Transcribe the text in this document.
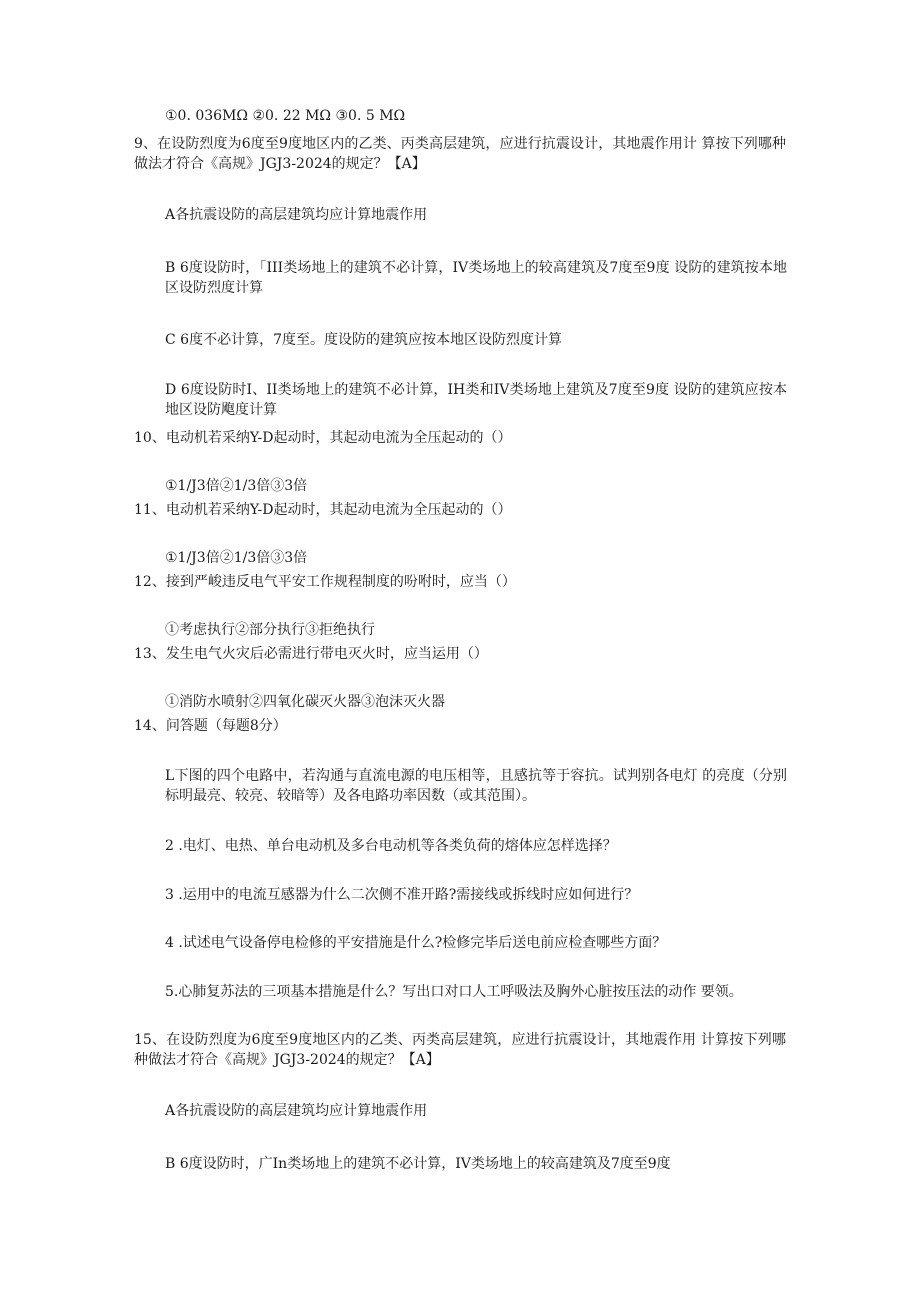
①0. 036MΩ ②0. 22 MΩ ③0. 5 MΩ

9、在设防烈度为6度至9度地区内的乙类、丙类高层建筑，应进行抗震设计，其地震作用计 算按下列哪种做法才符合《高规》JGJ3-2024的规定？【A】

A各抗震设防的高层建筑均应计算地震作用

B 6度设防时，「III类场地上的建筑不必计算，IV类场地上的较高建筑及7度至9度 设防的建筑按本地区设防烈度计算

C 6度不必计算，7度至。度设防的建筑应按本地区设防烈度计算

D 6度设防时I、II类场地上的建筑不必计算，IH类和IV类场地上建筑及7度至9度 设防的建筑应按本地区设防飑度计算

10、电动机若采纳Y-D起动时，其起动电流为全压起动的（）

①1/J3倍②1/3倍③3倍

11、电动机若采纳Y-D起动时，其起动电流为全压起动的（）

①1/J3倍②1/3倍③3倍

12、接到严峻违反电气平安工作规程制度的吩咐时，应当（）

①考虑执行②部分执行③拒绝执行

13、发生电气火灾后必需进行带电灭火时，应当运用（）

①消防水喷射②四氧化碳灭火器③泡沫灭火器

14、问答题（每题8分）

L下图的四个电路中，若沟通与直流电源的电压相等，且感抗等于容抗。试判别各电灯 的亮度（分别标明最亮、较亮、较暗等）及各电路功率因数（或其范围）。

2 .电灯、电热、单台电动机及多台电动机等各类负荷的熔体应怎样选择？

3 .运用中的电流互感器为什么二次侧不准开路?需接线或拆线时应如何进行？

4 .试述电气设备停电检修的平安措施是什么?检修完毕后送电前应检查哪些方面？

5.心肺复苏法的三项基本措施是什么？写出口对口人工呼吸法及胸外心脏按压法的动作 要领。

15、在设防烈度为6度至9度地区内的乙类、丙类高层建筑，应进行抗震设计，其地震作用 计算按下列哪种做法才符合《高规》JGJ3-2024的规定？【A】

A各抗震设防的高层建筑均应计算地震作用

B 6度设防时，广In类场地上的建筑不必计算，IV类场地上的较高建筑及7度至9度
